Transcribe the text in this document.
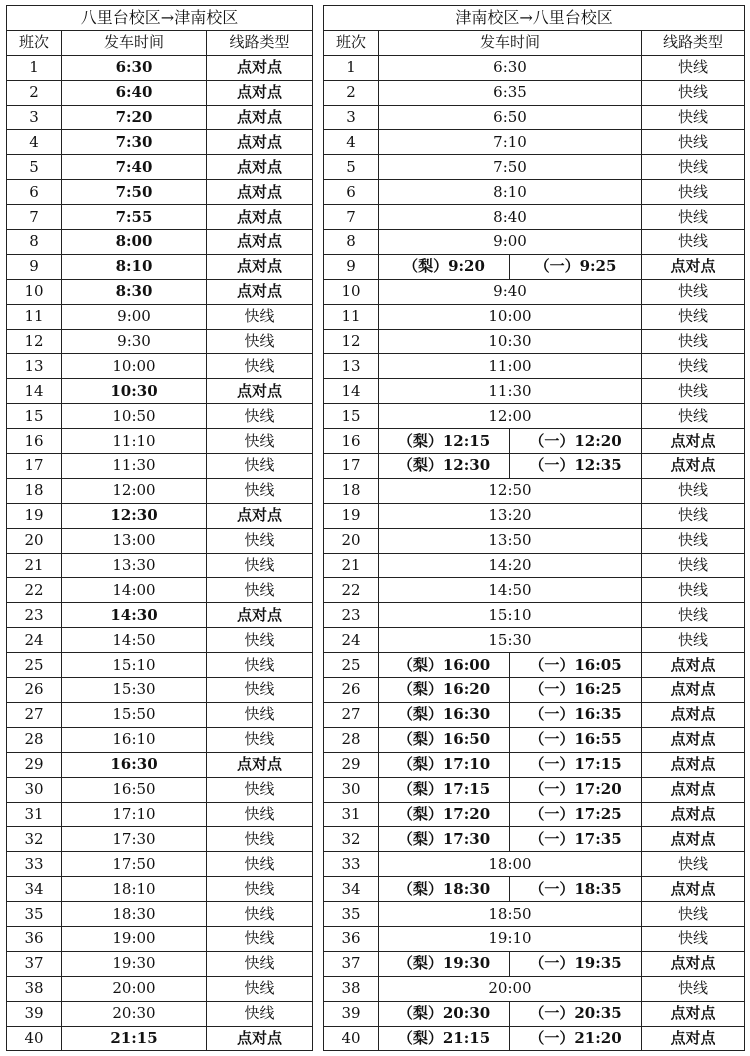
八里台校区→津南校区		
班次	发车时间	线路类型
1	6:30	点对点
2	6:40	点对点
3	7:20	点对点
4	7:30	点对点
5	7:40	点对点
6	7:50	点对点
7	7:55	点对点
8	8:00	点对点
9	8:10	点对点
10	8:30	点对点
11	9:00	快线
12	9:30	快线
13	10:00	快线
14	10:30	点对点
15	10:50	快线
16	11:10	快线
17	11:30	快线
18	12:00	快线
19	12:30	点对点
20	13:00	快线
21	13:30	快线
22	14:00	快线
23	14:30	点对点
24	14:50	快线
25	15:10	快线
26	15:30	快线
27	15:50	快线
28	16:10	快线
29	16:30	点对点
30	16:50	快线
31	17:10	快线
32	17:30	快线
33	17:50	快线
34	18:10	快线
35	18:30	快线
36	19:00	快线
37	19:30	快线
38	20:00	快线
39	20:30	快线
40	21:15	点对点
津南校区→八里台校区			
班次	发车时间		线路类型
1	6:30		快线
2	6:35		快线
3	6:50		快线
4	7:10		快线
5	7:50		快线
6	8:10		快线
7	8:40		快线
8	9:00		快线
9	（梨）9:20	（一）9:25	点对点
10	9:40		快线
11	10:00		快线
12	10:30		快线
13	11:00		快线
14	11:30		快线
15	12:00		快线
16	（梨）12:15	（一）12:20	点对点
17	（梨）12:30	（一）12:35	点对点
18	12:50		快线
19	13:20		快线
20	13:50		快线
21	14:20		快线
22	14:50		快线
23	15:10		快线
24	15:30		快线
25	（梨）16:00	（一）16:05	点对点
26	（梨）16:20	（一）16:25	点对点
27	（梨）16:30	（一）16:35	点对点
28	（梨）16:50	（一）16:55	点对点
29	（梨）17:10	（一）17:15	点对点
30	（梨）17:15	（一）17:20	点对点
31	（梨）17:20	（一）17:25	点对点
32	（梨）17:30	（一）17:35	点对点
33	18:00		快线
34	（梨）18:30	（一）18:35	点对点
35	18:50		快线
36	19:10		快线
37	（梨）19:30	（一）19:35	点对点
38	20:00		快线
39	（梨）20:30	（一）20:35	点对点
40	（梨）21:15	（一）21:20	点对点
